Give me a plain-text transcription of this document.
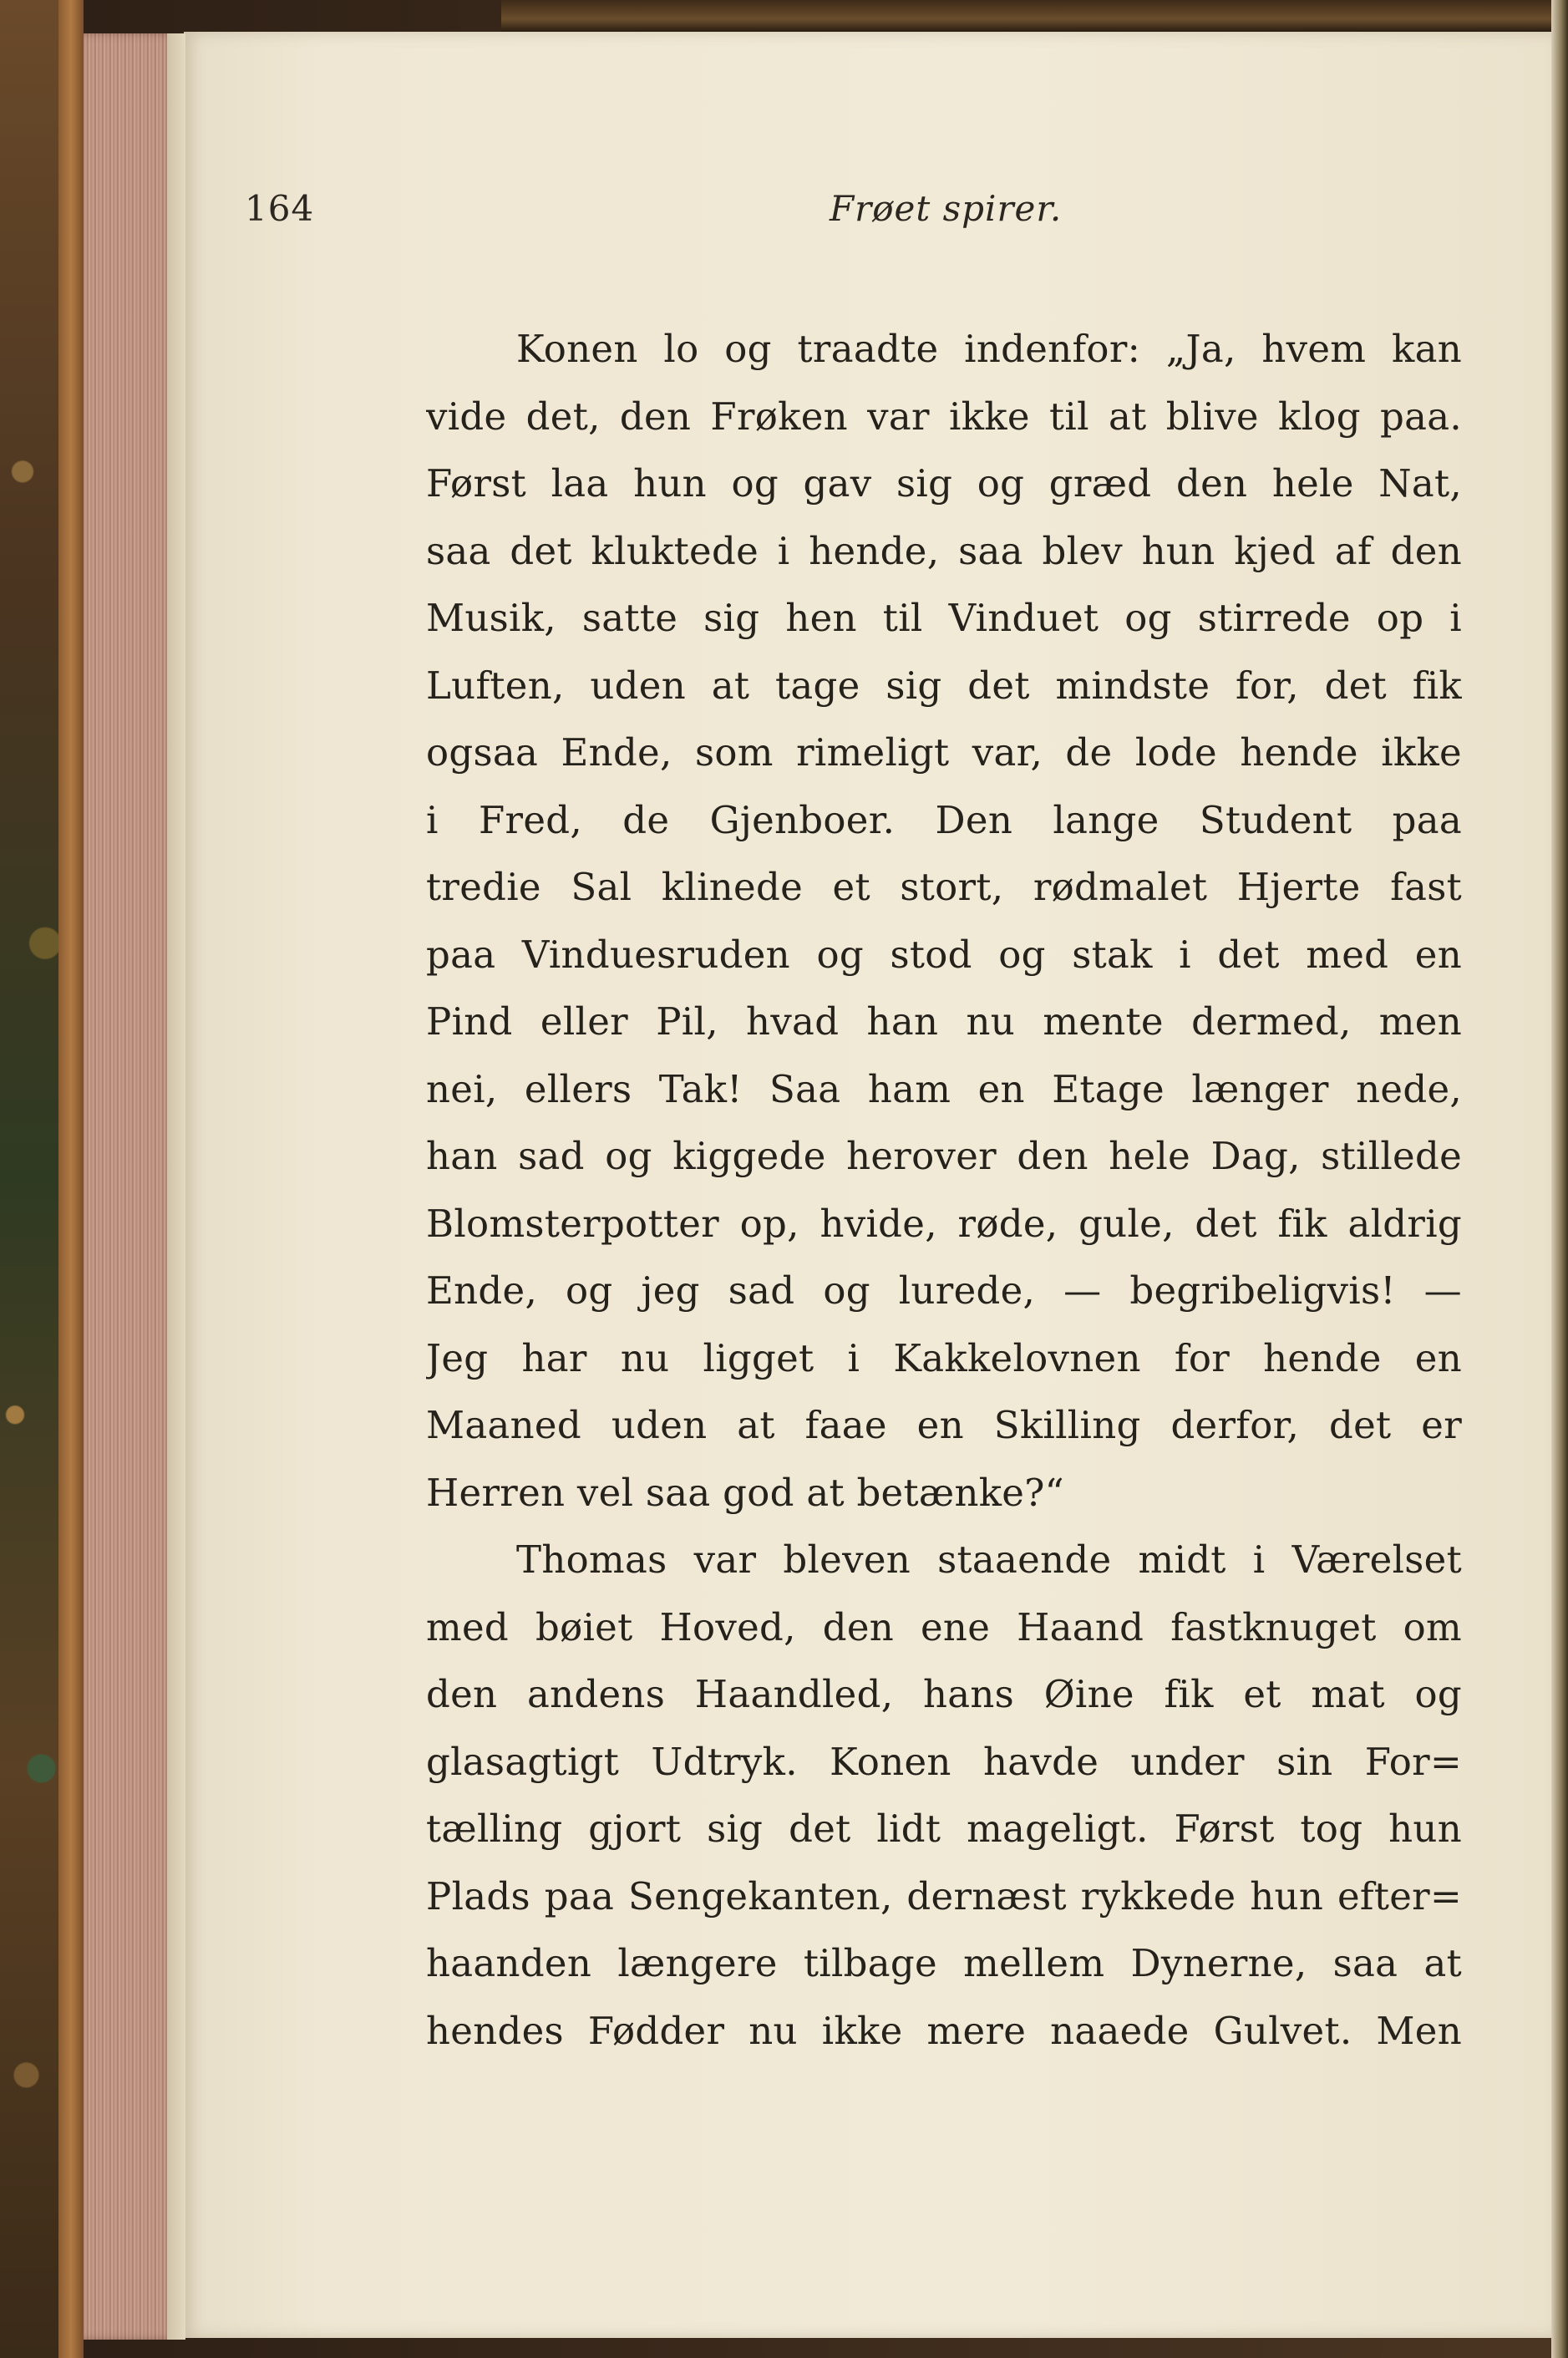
164	Frøet spirer.
Konen lo og traadte indenfor: „Ja, hvem kan
vide det, den Frøken var ikke til at blive klog paa.
Først laa hun og gav sig og græd den hele Nat,
saa det kluktede i hende, saa blev hun kjed af den
Musik, satte sig hen til Vinduet og stirrede op i
Luften, uden at tage sig det mindste for, det fik
ogsaa Ende, som rimeligt var, de lode hende ikke
i Fred, de Gjenboer. Den lange Student paa
tredie Sal klinede et stort, rødmalet Hjerte fast
paa Vinduesruden og stod og stak i det med en
Pind eller Pil, hvad han nu mente dermed, men
nei, ellers Tak! Saa ham en Etage længer nede,
han sad og kiggede herover den hele Dag, stillede
Blomsterpotter op, hvide, røde, gule, det fik aldrig
Ende, og jeg sad og lurede, — begribeligvis! —
Jeg har nu ligget i Kakkelovnen for hende en
Maaned uden at faae en Skilling derfor, det er
Herren vel saa god at betænke?“
Thomas var bleven staaende midt i Værelset
med bøiet Hoved, den ene Haand fastknuget om
den andens Haandled, hans Øine fik et mat og
glasagtigt Udtryk. Konen havde under sin For=
tælling gjort sig det lidt mageligt. Først tog hun
Plads paa Sengekanten, dernæst rykkede hun efter=
haanden længere tilbage mellem Dynerne, saa at
hendes Fødder nu ikke mere naaede Gulvet. Men
